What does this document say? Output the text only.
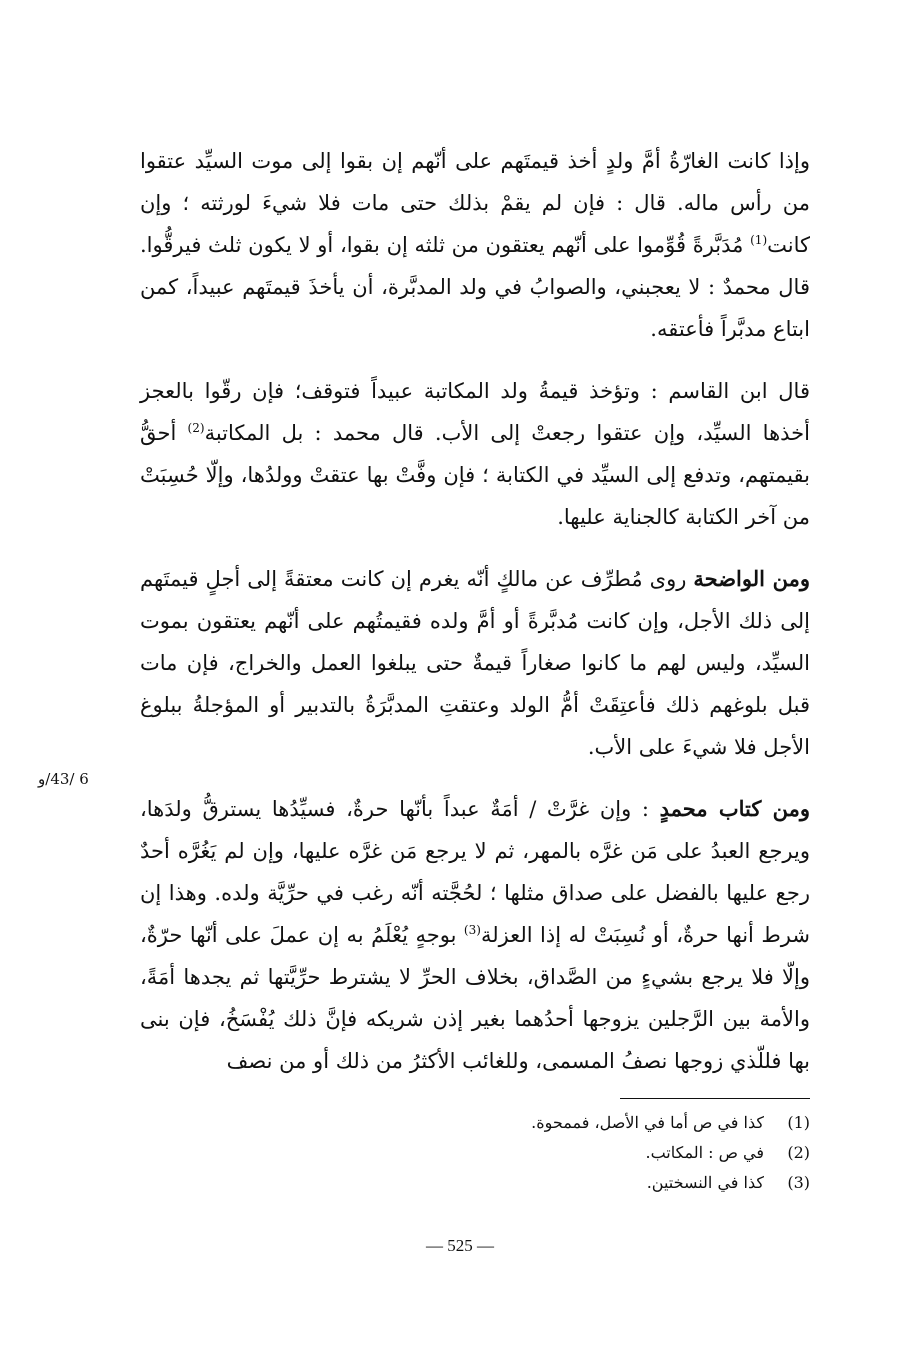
وإذا كانت الغارّةُ أمَّ ولدٍ أخذ قيمتَهم على أنّهم إن بقوا إلى موت السيِّد عتقوا من رأس ماله. قال : فإن لم يقمْ بذلك حتى مات فلا شيءَ لورثته ؛ وإن كانت$^{(1)}$ مُدَبَّرةً قُوِّموا على أنّهم يعتقون من ثلثه إن بقوا، أو لا يكون ثلث فيرقُّوا. قال محمدٌ : لا يعجبني، والصوابُ في ولد المدبَّرة، أن يأخذَ قيمتَهم عبيداً، كمن ابتاع مدبَّراً فأعتقه.

قال ابن القاسم : وتؤخذ قيمةُ ولد المكاتبة عبيداً فتوقف؛ فإن رقّوا بالعجز أخذها السيِّد، وإن عتقوا رجعتْ إلى الأب. قال محمد : بل المكاتبة$^{(2)}$ أحقُّ بقيمتهم، وتدفع إلى السيِّد في الكتابة ؛ فإن وفَّتْ بها عتقتْ وولدُها، وإلّا حُسِبَتْ من آخر الكتابة كالجناية عليها.

ومن الواضحة روى مُطرِّف عن مالكٍ أنّه يغرم إن كانت معتقةً إلى أجلٍ قيمتَهم إلى ذلك الأجل، وإن كانت مُدبَّرةً أو أمَّ ولده فقيمتُهم على أنّهم يعتقون بموت السيِّد، وليس لهم ما كانوا صغاراً قيمةٌ حتى يبلغوا العمل والخراج، فإن مات قبل بلوغهم ذلك فأعتِقَتْ أمُّ الولد وعتقتِ المدبَّرَةُ بالتدبير أو المؤجلةُ ببلوغ الأجل فلا شيءَ على الأب.

ومن كتاب محمدٍ : وإن غرَّتْ / أمَةٌ عبداً بأنّها حرةٌ، فسيِّدُها يسترقُّ ولدَها، ويرجع العبدُ على مَن غرَّه بالمهر، ثم لا يرجع مَن غرَّه عليها، وإن لم يَغُرَّه أحدٌ رجع عليها بالفضل على صداق مثلها ؛ لحُجَّته أنّه رغب في حرِّيَّة ولده. وهذا إن شرط أنها حرةٌ، أو نُسِبَتْ له إذا العزلة$^{(3)}$ بوجهٍ يُعْلَمُ به إن عملَ على أنّها حرّةٌ، وإلّا فلا يرجع بشيءٍ من الصَّداق، بخلاف الحرِّ لا يشترط حرِّيَّتها ثم يجدها أمَةً، والأمة بين الرَّجلين يزوجها أحدُهما بغير إذن شريكه فإنَّ ذلك يُفْسَخُ، فإن بنى بها فللّذي زوجها نصفُ المسمى، وللغائب الأكثرُ من ذلك أو من نصف

6 /43/و
(1)
كذا في ص أما في الأصل، فممحوة.
(2)
في ص : المكاتب.
(3)
كذا في النسختين.
— 525 —
